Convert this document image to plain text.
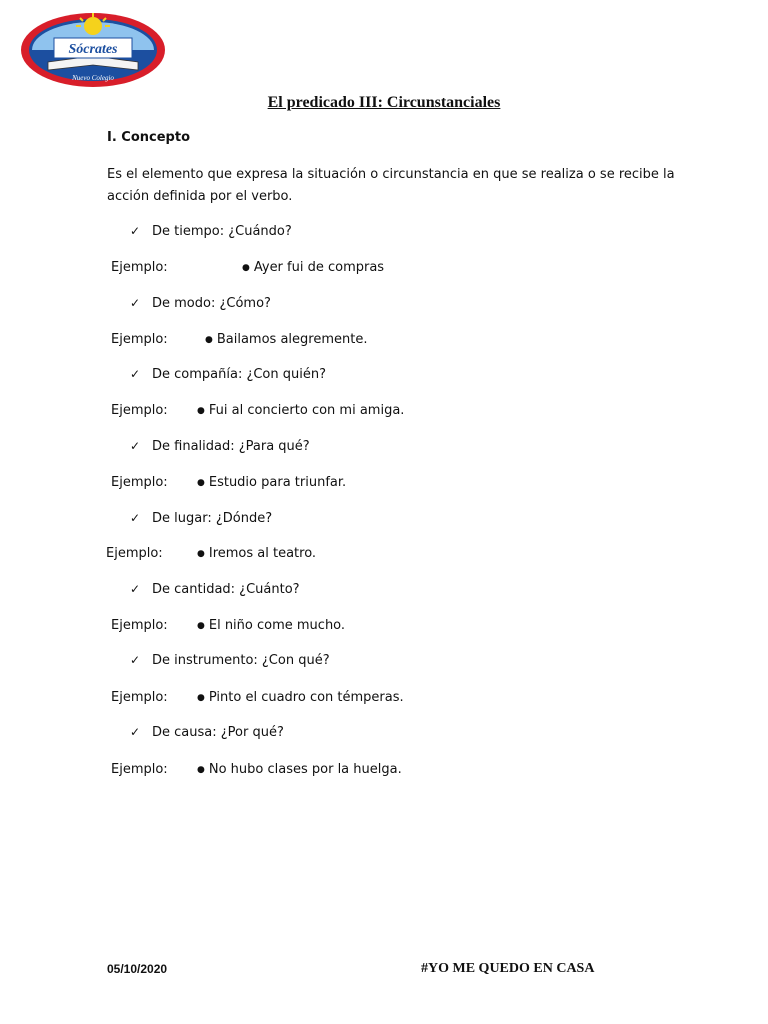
Sócrates
Nuevo Colegio
El predicado III: Circunstanciales
I. Concepto

Es el elemento que expresa la situación o circunstancia en que se realiza o se recibe la
acción definida por el verbo.

✓ De tiempo: ¿Cuándo?
Ejemplo:	● Ayer fui de compras
✓ De modo: ¿Cómo?
Ejemplo:	● Bailamos alegremente.
✓ De compañía: ¿Con quién?
Ejemplo:	● Fui al concierto con mi amiga.
✓ De finalidad: ¿Para qué?
Ejemplo:	● Estudio para triunfar.
✓ De lugar: ¿Dónde?
Ejemplo:	● Iremos al teatro.
✓ De cantidad: ¿Cuánto?
Ejemplo:	● El niño come mucho.
✓ De instrumento: ¿Con qué?
Ejemplo:	● Pinto el cuadro con témperas.
✓ De causa: ¿Por qué?
Ejemplo:	● No hubo clases por la huelga.
05/10/2020	#YO ME QUEDO EN CASA
